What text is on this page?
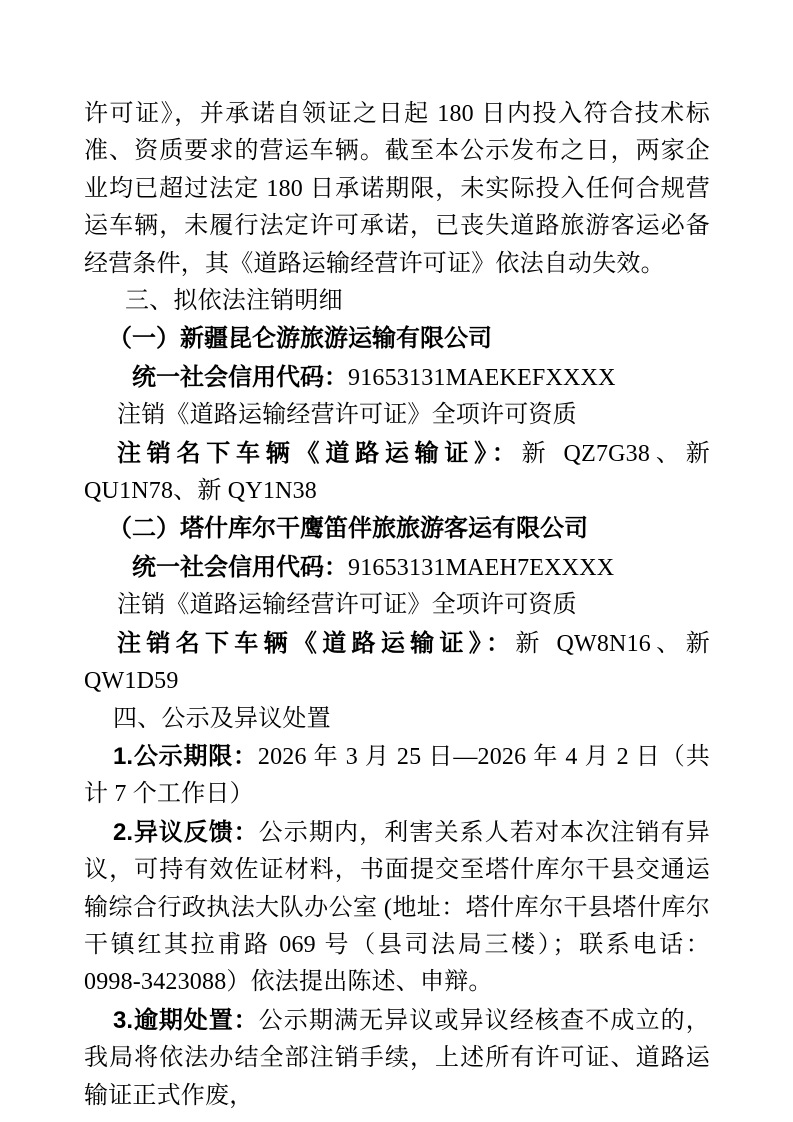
许可证》，并承诺自领证之日起 180 日内投入符合技术标准、资质要求的营运车辆。截至本公示发布之日，两家企业均已超过法定 180 日承诺期限，未实际投入任何合规营运车辆，未履行法定许可承诺，已丧失道路旅游客运必备经营条件，其《道路运输经营许可证》依法自动失效。

三、拟依法注销明细

（一）新疆昆仑游旅游运输有限公司

统一社会信用代码：91653131MAEKEFXXXX

注销《道路运输经营许可证》全项许可资质

注销名下车辆《道路运输证》：新 QZ7G38、新 QU1N78、新 QY1N38

（二）塔什库尔干鹰笛伴旅旅游客运有限公司

统一社会信用代码：91653131MAEH7EXXXX

注销《道路运输经营许可证》全项许可资质

注销名下车辆《道路运输证》：新 QW8N16、新 QW1D59

四、公示及异议处置

1.公示期限：2026 年 3 月 25 日—2026 年 4 月 2 日（共计 7 个工作日）

2.异议反馈：公示期内，利害关系人若对本次注销有异议，可持有效佐证材料，书面提交至塔什库尔干县交通运输综合行政执法大队办公室 (地址：塔什库尔干县塔什库尔干镇红其拉甫路 069 号（县司法局三楼）；联系电话：0998-3423088）依法提出陈述、申辩。

3.逾期处置：公示期满无异议或异议经核查不成立的，我局将依法办结全部注销手续，上述所有许可证、道路运输证正式作废，
